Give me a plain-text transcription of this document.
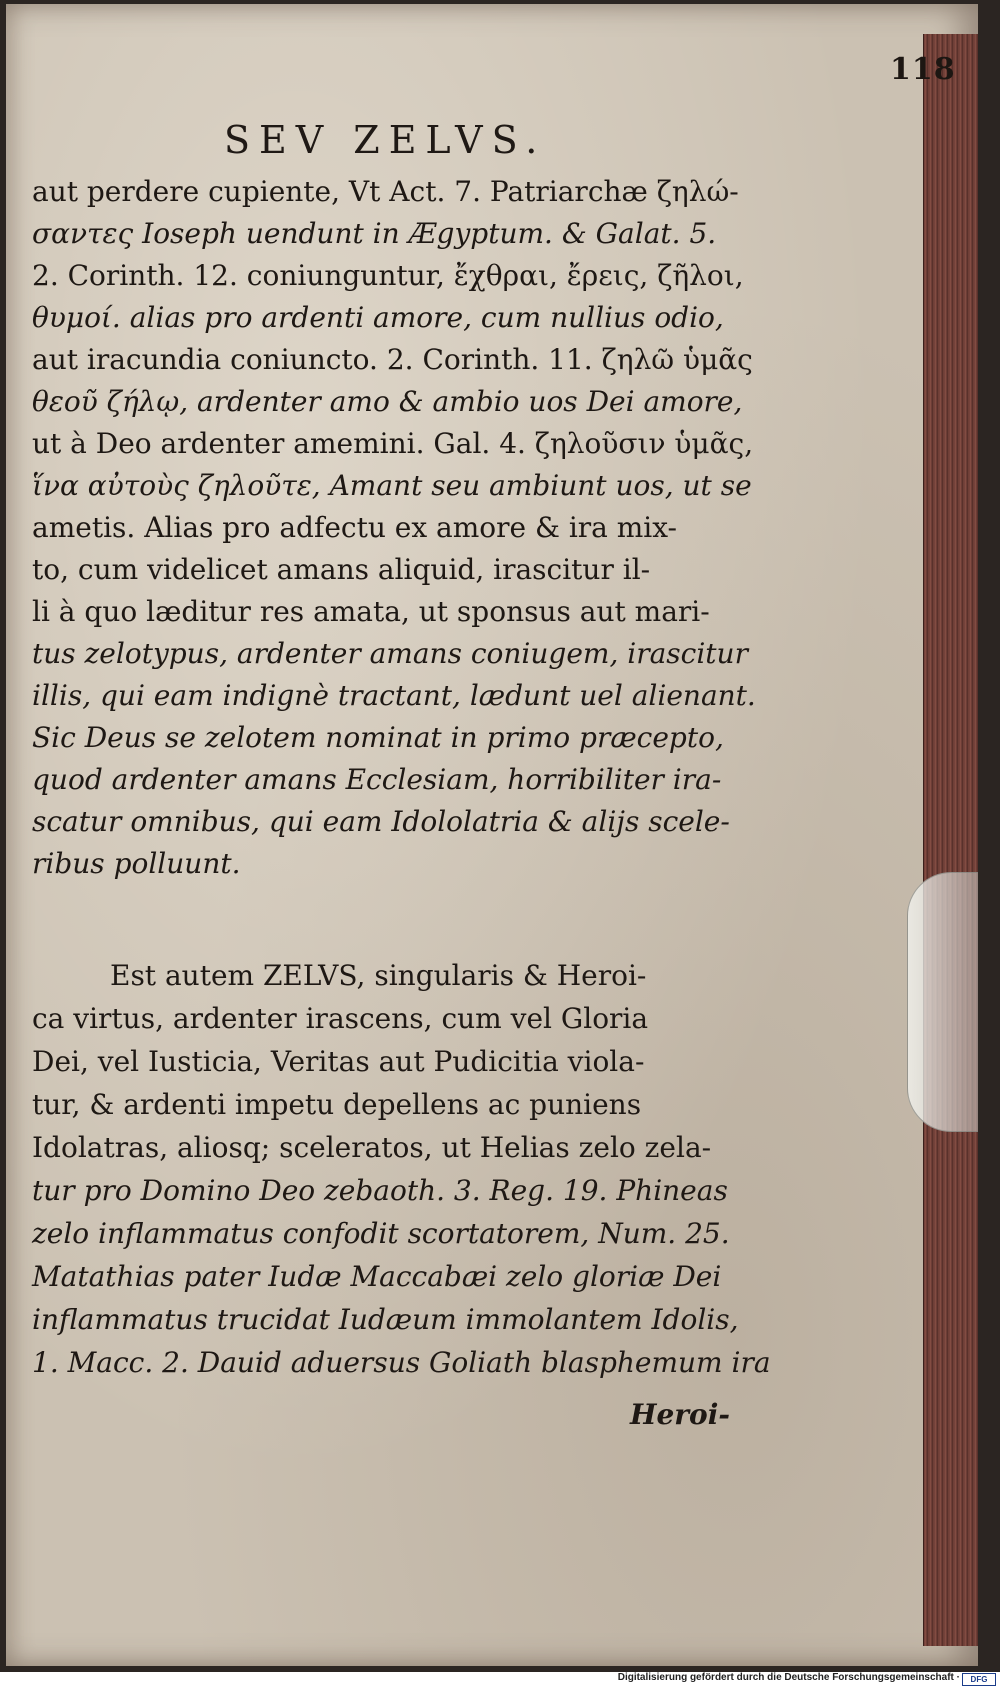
118
SEV ZELVS.
aut perdere cupiente, Vt Act. 7. Patriarchæ ζηλώ-
σαντες Ioseph uendunt in Ægyptum. & Galat. 5.
2. Corinth. 12. coniunguntur, ἔχθραι, ἔρεις, ζῆλοι,
θυμοί. alias pro ardenti amore, cum nullius odio,
aut iracundia coniuncto. 2. Corinth. 11. ζηλῶ ὑμᾶς
θεοῦ ζήλῳ, ardenter amo & ambio uos Dei amore,
ut à Deo ardenter amemini. Gal. 4. ζηλοῦσιν ὑμᾶς,
ἵνα αὐτοὺς ζηλοῦτε, Amant seu ambiunt uos, ut se
ametis. Alias pro adfectu ex amore & ira mix-
to, cum videlicet amans aliquid, irascitur il-
li à quo læditur res amata, ut sponsus aut mari-
tus zelotypus, ardenter amans coniugem, irascitur
illis, qui eam indignè tractant, lædunt uel alienant.
Sic Deus se zelotem nominat in primo præcepto,
quod ardenter amans Ecclesiam, horribiliter ira-
scatur omnibus, qui eam Idololatria & alijs scele-
ribus polluunt.
Est autem ZELVS, singularis & Heroi-
ca virtus, ardenter irascens, cum vel Gloria
Dei, vel Iusticia, Veritas aut Pudicitia viola-
tur, & ardenti impetu depellens ac puniens
Idolatras, aliosq; sceleratos, ut Helias zelo zela-
tur pro Domino Deo zebaoth. 3. Reg. 19. Phineas
zelo inflammatus confodit scortatorem, Num. 25.
Matathias pater Iudæ Maccabæi zelo gloriæ Dei
inflammatus trucidat Iudæum immolantem Idolis,
1. Macc. 2. Dauid aduersus Goliath blasphemum ira
Heroi-
Digitalisierung gefördert durch die Deutsche Forschungsgemeinschaft ·	DFG
